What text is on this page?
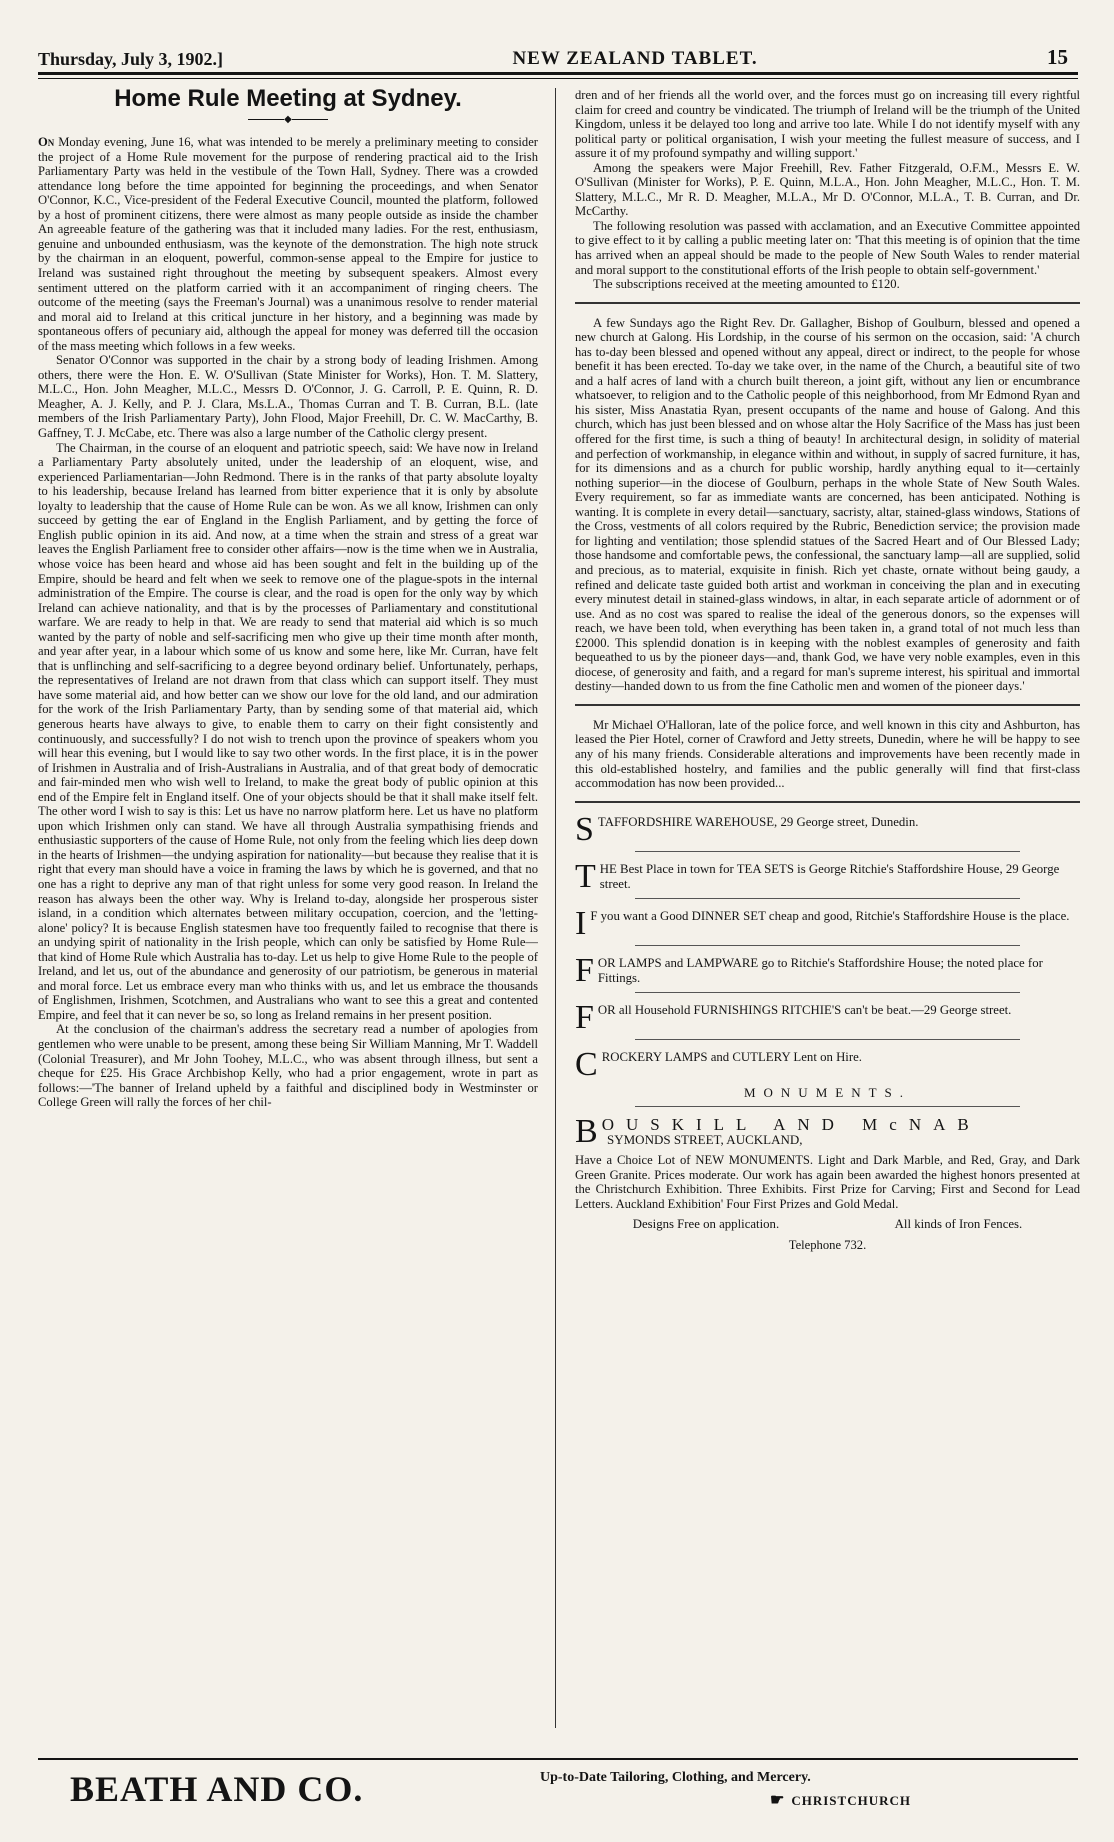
Thursday, July 3, 1902.]	NEW ZEALAND TABLET.	15
Home Rule Meeting at Sydney.
◆

On Monday evening, June 16, what was intended to be merely a preliminary meeting to consider the project of a Home Rule movement for the purpose of rendering practical aid to the Irish Parliamentary Party was held in the vestibule of the Town Hall, Sydney. There was a crowded attendance long before the time appointed for beginning the proceedings, and when Senator O'Connor, K.C., Vice-president of the Federal Executive Council, mounted the platform, followed by a host of prominent citizens, there were almost as many people outside as inside the chamber An agreeable feature of the gathering was that it included many ladies. For the rest, enthusiasm, genuine and unbounded enthusiasm, was the keynote of the demonstration. The high note struck by the chairman in an eloquent, powerful, common-sense appeal to the Empire for justice to Ireland was sustained right throughout the meeting by subsequent speakers. Almost every sentiment uttered on the platform carried with it an accompaniment of ringing cheers. The outcome of the meeting (says the Freeman's Journal) was a unanimous resolve to render material and moral aid to Ireland at this critical juncture in her history, and a beginning was made by spontaneous offers of pecuniary aid, although the appeal for money was deferred till the occasion of the mass meeting which follows in a few weeks.

Senator O'Connor was supported in the chair by a strong body of leading Irishmen. Among others, there were the Hon. E. W. O'Sullivan (State Minister for Works), Hon. T. M. Slattery, M.L.C., Hon. John Meagher, M.L.C., Messrs D. O'Connor, J. G. Carroll, P. E. Quinn, R. D. Meagher, A. J. Kelly, and P. J. Clara, Ms.L.A., Thomas Curran and T. B. Curran, B.L. (late members of the Irish Parliamentary Party), John Flood, Major Freehill, Dr. C. W. MacCarthy, B. Gaffney, T. J. McCabe, etc. There was also a large number of the Catholic clergy present.

The Chairman, in the course of an eloquent and patriotic speech, said: We have now in Ireland a Parliamentary Party absolutely united, under the leadership of an eloquent, wise, and experienced Parliamentarian—John Redmond. There is in the ranks of that party absolute loyalty to his leadership, because Ireland has learned from bitter experience that it is only by absolute loyalty to leadership that the cause of Home Rule can be won. As we all know, Irishmen can only succeed by getting the ear of England in the English Parliament, and by getting the force of English public opinion in its aid. And now, at a time when the strain and stress of a great war leaves the English Parliament free to consider other affairs—now is the time when we in Australia, whose voice has been heard and whose aid has been sought and felt in the building up of the Empire, should be heard and felt when we seek to remove one of the plague-spots in the internal administration of the Empire. The course is clear, and the road is open for the only way by which Ireland can achieve nationality, and that is by the processes of Parliamentary and constitutional warfare. We are ready to help in that. We are ready to send that material aid which is so much wanted by the party of noble and self-sacrificing men who give up their time month after month, and year after year, in a labour which some of us know and some here, like Mr. Curran, have felt that is unflinching and self-sacrificing to a degree beyond ordinary belief. Unfortunately, perhaps, the representatives of Ireland are not drawn from that class which can support itself. They must have some material aid, and how better can we show our love for the old land, and our admiration for the work of the Irish Parliamentary Party, than by sending some of that material aid, which generous hearts have always to give, to enable them to carry on their fight consistently and continuously, and successfully? I do not wish to trench upon the province of speakers whom you will hear this evening, but I would like to say two other words. In the first place, it is in the power of Irishmen in Australia and of Irish-Australians in Australia, and of that great body of democratic and fair-minded men who wish well to Ireland, to make the great body of public opinion at this end of the Empire felt in England itself. One of your objects should be that it shall make itself felt. The other word I wish to say is this: Let us have no narrow platform here. Let us have no platform upon which Irishmen only can stand. We have all through Australia sympathising friends and enthusiastic supporters of the cause of Home Rule, not only from the feeling which lies deep down in the hearts of Irishmen—the undying aspiration for nationality—but because they realise that it is right that every man should have a voice in framing the laws by which he is governed, and that no one has a right to deprive any man of that right unless for some very good reason. In Ireland the reason has always been the other way. Why is Ireland to-day, alongside her prosperous sister island, in a condition which alternates between military occupation, coercion, and the 'letting-alone' policy? It is because English statesmen have too frequently failed to recognise that there is an undying spirit of nationality in the Irish people, which can only be satisfied by Home Rule—that kind of Home Rule which Australia has to-day. Let us help to give Home Rule to the people of Ireland, and let us, out of the abundance and generosity of our patriotism, be generous in material and moral force. Let us embrace every man who thinks with us, and let us embrace the thousands of Englishmen, Irishmen, Scotchmen, and Australians who want to see this a great and contented Empire, and feel that it can never be so, so long as Ireland remains in her present position.

At the conclusion of the chairman's address the secretary read a number of apologies from gentlemen who were unable to be present, among these being Sir William Manning, Mr T. Waddell (Colonial Treasurer), and Mr John Toohey, M.L.C., who was absent through illness, but sent a cheque for £25. His Grace Archbishop Kelly, who had a prior engagement, wrote in part as follows:—'The banner of Ireland upheld by a faithful and disciplined body in Westminster or College Green will rally the forces of her chil-

dren and of her friends all the world over, and the forces must go on increasing till every rightful claim for creed and country be vindicated. The triumph of Ireland will be the triumph of the United Kingdom, unless it be delayed too long and arrive too late. While I do not identify myself with any political party or political organisation, I wish your meeting the fullest measure of success, and I assure it of my profound sympathy and willing support.'

Among the speakers were Major Freehill, Rev. Father Fitzgerald, O.F.M., Messrs E. W. O'Sullivan (Minister for Works), P. E. Quinn, M.L.A., Hon. John Meagher, M.L.C., Hon. T. M. Slattery, M.L.C., Mr R. D. Meagher, M.L.A., Mr D. O'Connor, M.L.A., T. B. Curran, and Dr. McCarthy.

The following resolution was passed with acclamation, and an Executive Committee appointed to give effect to it by calling a public meeting later on: 'That this meeting is of opinion that the time has arrived when an appeal should be made to the people of New South Wales to render material and moral support to the constitutional efforts of the Irish people to obtain self-government.'

The subscriptions received at the meeting amounted to £120.

A few Sundays ago the Right Rev. Dr. Gallagher, Bishop of Goulburn, blessed and opened a new church at Galong. His Lordship, in the course of his sermon on the occasion, said: 'A church has to-day been blessed and opened without any appeal, direct or indirect, to the people for whose benefit it has been erected. To-day we take over, in the name of the Church, a beautiful site of two and a half acres of land with a church built thereon, a joint gift, without any lien or encumbrance whatsoever, to religion and to the Catholic people of this neighborhood, from Mr Edmond Ryan and his sister, Miss Anastatia Ryan, present occupants of the name and house of Galong. And this church, which has just been blessed and on whose altar the Holy Sacrifice of the Mass has just been offered for the first time, is such a thing of beauty! In architectural design, in solidity of material and perfection of workmanship, in elegance within and without, in supply of sacred furniture, it has, for its dimensions and as a church for public worship, hardly anything equal to it—certainly nothing superior—in the diocese of Goulburn, perhaps in the whole State of New South Wales. Every requirement, so far as immediate wants are concerned, has been anticipated. Nothing is wanting. It is complete in every detail—sanctuary, sacristy, altar, stained-glass windows, Stations of the Cross, vestments of all colors required by the Rubric, Benediction service; the provision made for lighting and ventilation; those splendid statues of the Sacred Heart and of Our Blessed Lady; those handsome and comfortable pews, the confessional, the sanctuary lamp—all are supplied, solid and precious, as to material, exquisite in finish. Rich yet chaste, ornate without being gaudy, a refined and delicate taste guided both artist and workman in conceiving the plan and in executing every minutest detail in stained-glass windows, in altar, in each separate article of adornment or of use. And as no cost was spared to realise the ideal of the generous donors, so the expenses will reach, we have been told, when everything has been taken in, a grand total of not much less than £2000. This splendid donation is in keeping with the noblest examples of generosity and faith bequeathed to us by the pioneer days—and, thank God, we have very noble examples, even in this diocese, of generosity and faith, and a regard for man's supreme interest, his spiritual and immortal destiny—handed down to us from the fine Catholic men and women of the pioneer days.'

Mr Michael O'Halloran, late of the police force, and well known in this city and Ashburton, has leased the Pier Hotel, corner of Crawford and Jetty streets, Dunedin, where he will be happy to see any of his many friends. Considerable alterations and improvements have been recently made in this old-established hostelry, and families and the public generally will find that first-class accommodation has now been provided...

S TAFFORDSHIRE WAREHOUSE, 29 George street, Dunedin.
T HE Best Place in town for TEA SETS is George Ritchie's Staffordshire House, 29 George street.
I F you want a Good DINNER SET cheap and good, Ritchie's Staffordshire House is the place.
F OR LAMPS and LAMPWARE go to Ritchie's Staffordshire House; the noted place for Fittings.
F OR all Household FURNISHINGS RITCHIE'S can't be beat.—29 George street.
C ROCKERY LAMPS and CUTLERY Lent on Hire.
MONUMENTS.
B OUSKILL AND McNAB
SYMONDS STREET, AUCKLAND,

Have a Choice Lot of NEW MONUMENTS. Light and Dark Marble, and Red, Gray, and Dark Green Granite. Prices moderate. Our work has again been awarded the highest honors presented at the Christchurch Exhibition. Three Exhibits. First Prize for Carving; First and Second for Lead Letters. Auckland Exhibition' Four First Prizes and Gold Medal.

Designs Free on application.	All kinds of Iron Fences.
Telephone 732.
BEATH AND CO.	Up-to-Date Tailoring, Clothing, and Mercery.
☛ CHRISTCHURCH
